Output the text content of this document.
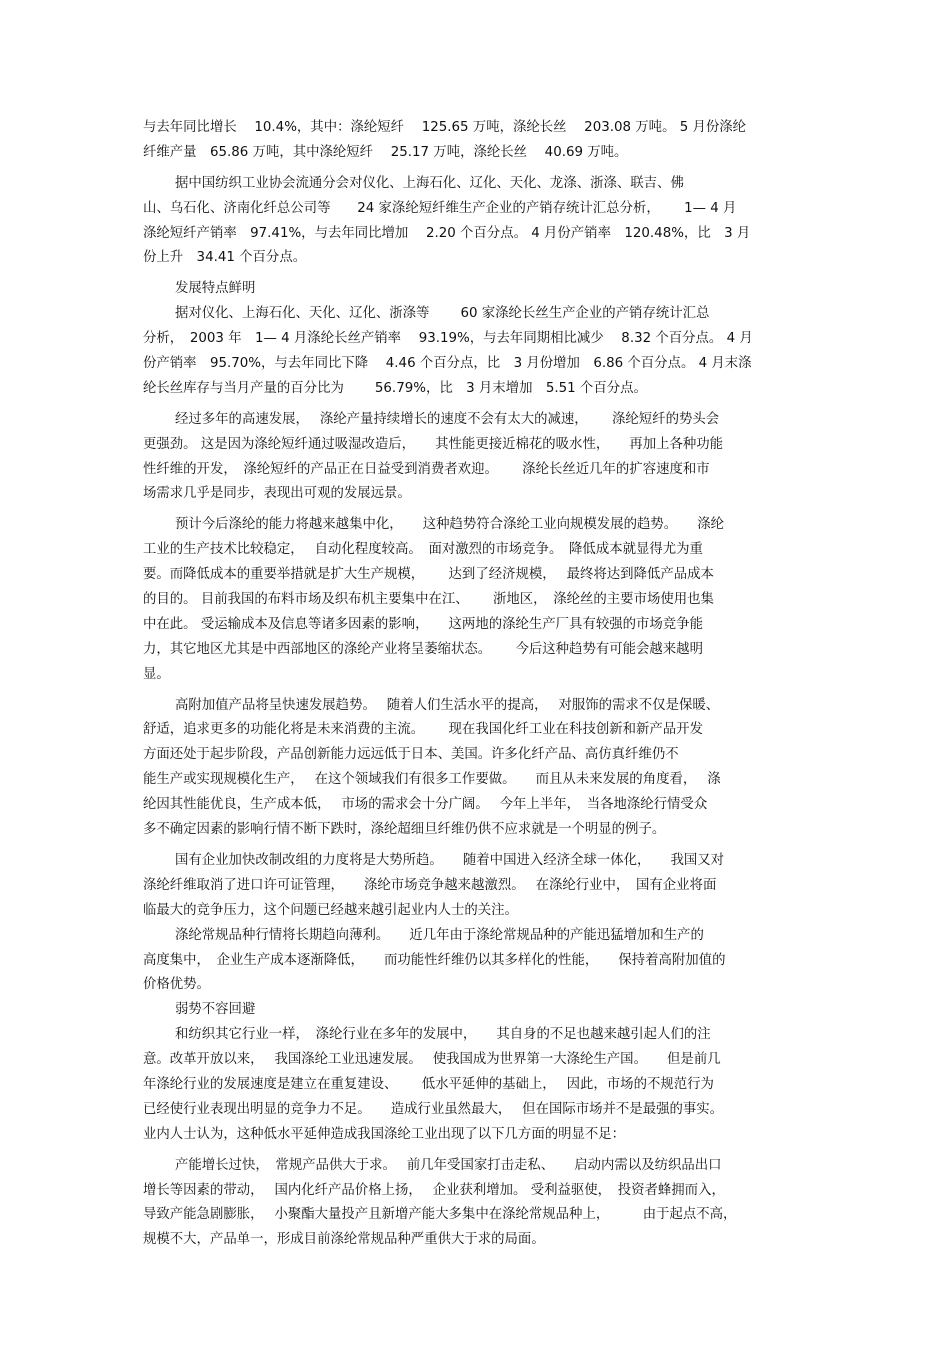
与去年同比增长　 10.4%，其中：涤纶短纤　 125.65 万吨，涤纶长丝　 203.08 万吨。 5 月份涤纶
纤维产量　65.86 万吨，其中涤纶短纤　 25.17 万吨，涤纶长丝　 40.69 万吨。
据中国纺织工业协会流通分会对仪化、上海石化、辽化、天化、龙涤、浙涤、联吉、佛
山、乌石化、济南化纤总公司等　　24 家涤纶短纤维生产企业的产销存统计汇总分析，　　 1— 4 月
涤纶短纤产销率　97.41%，与去年同比增加　 2.20 个百分点。 4 月份产销率　120.48%，比　3 月
份上升　34.41 个百分点。
发展特点鲜明
据对仪化、上海石化、天化、辽化、浙涤等　　 60 家涤纶长丝生产企业的产销存统计汇总
分析，　2003 年　1— 4 月涤纶长丝产销率　 93.19%，与去年同期相比减少　 8.32 个百分点。 4 月
份产销率　95.70%，与去年同比下降　 4.46 个百分点，比　3 月份增加　6.86 个百分点。 4 月末涤
纶长丝库存与当月产量的百分比为　　 56.79%，比　3 月末增加　5.51 个百分点。
经过多年的高速发展，　 涤纶产量持续增长的速度不会有太大的减速，　　 涤纶短纤的势头会
更强劲。 这是因为涤纶短纤通过吸湿改造后，　　其性能更接近棉花的吸水性，　　再加上各种功能
性纤维的开发，　涤纶短纤的产品正在日益受到消费者欢迎。　　 涤纶长丝近几年的扩容速度和市
场需求几乎是同步，表现出可观的发展远景。
预计今后涤纶的能力将越来越集中化，　　这种趋势符合涤纶工业向规模发展的趋势。　　涤纶
工业的生产技术比较稳定，　 自动化程度较高。　面对激烈的市场竞争。　降低成本就显得尤为重
要。而降低成本的重要举措就是扩大生产规模，　　 达到了经济规模，　 最终将达到降低产品成本
的目的。 目前我国的布料市场及织布机主要集中在江、　　 浙地区，　涤纶丝的主要市场使用也集
中在此。 受运输成本及信息等诸多因素的影响，　　这两地的涤纶生产厂具有较强的市场竞争能
力，其它地区尤其是中西部地区的涤纶产业将呈萎缩状态。　　 今后这种趋势有可能会越来越明
显。
高附加值产品将呈快速发展趋势。　 随着人们生活水平的提高，　 对服饰的需求不仅是保暖、
舒适，追求更多的功能化将是未来消费的主流。　　 现在我国化纤工业在科技创新和新产品开发
方面还处于起步阶段，产品创新能力远远低于日本、美国。许多化纤产品、高仿真纤维仍不
能生产或实现规模化生产，　 在这个领域我们有很多工作要做。　　而且从未来发展的角度看，　 涤
纶因其性能优良，生产成本低，　 市场的需求会十分广阔。　 今年上半年，　当各地涤纶行情受众
多不确定因素的影响行情不断下跌时，涤纶超细旦纤维仍供不应求就是一个明显的例子。
国有企业加快改制改组的力度将是大势所趋。　　随着中国进入经济全球一体化，　　我国又对
涤纶纤维取消了进口许可证管理，　　涤纶市场竞争越来越激烈。　 在涤纶行业中，　国有企业将面
临最大的竞争压力，这个问题已经越来越引起业内人士的关注。
涤纶常规品种行情将长期趋向薄利。　　近几年由于涤纶常规品种的产能迅猛增加和生产的
高度集中，　企业生产成本逐渐降低，　　而功能性纤维仍以其多样化的性能，　　保持着高附加值的
价格优势。
弱势不容回避
和纺织其它行业一样，　涤纶行业在多年的发展中，　　其自身的不足也越来越引起人们的注
意。改革开放以来，　 我国涤纶工业迅速发展。　 使我国成为世界第一大涤纶生产国。　　但是前几
年涤纶行业的发展速度是建立在重复建设、　　 低水平延伸的基础上，　 因此，市场的不规范行为
已经使行业表现出明显的竞争力不足。　　造成行业虽然最大，　 但在国际市场并不是最强的事实。
业内人士认为，这种低水平延伸造成我国涤纶工业出现了以下几方面的明显不足：
产能增长过快，　常规产品供大于求。　 前几年受国家打击走私、　　启动内需以及纺织品出口
增长等因素的带动，　 国内化纤产品价格上扬，　 企业获利增加。 受利益驱使，　投资者蜂拥而入，
导致产能急剧膨胀，　 小聚酯大量投产且新增产能大多集中在涤纶常规品种上，　　　由于起点不高，
规模不大，产品单一，形成目前涤纶常规品种严重供大于求的局面。
